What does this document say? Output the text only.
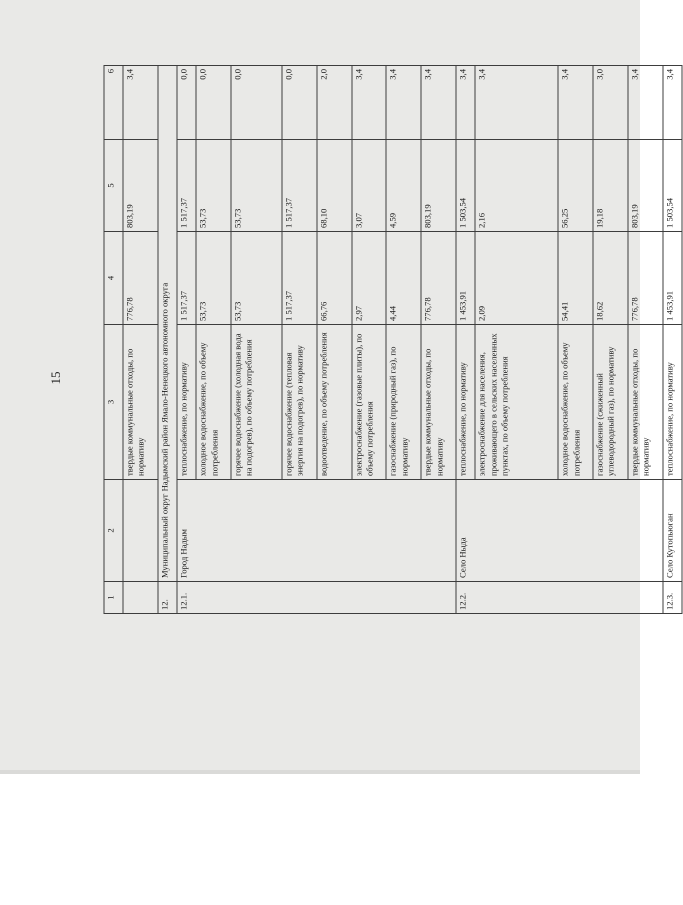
15
1	2	3	4	5	6
		твердые коммунальные отходы, по нормативу	776,78	803,19	3,4
12.	Муниципальный округ Надымский район Ямало-Ненецкого автономного округа				
12.1.	Город Надым	теплоснабжение, по нормативу	1 517,37	1 517,37	0,0
		холодное водоснабжение, по объему потребления	53,73	53,73	0,0
		горячее водоснабжение (холодная вода на подогрев), по объему потребления	53,73	53,73	0,0
		горячее водоснабжение (тепловая энергия на подогрев), по нормативу	1 517,37	1 517,37	0,0
		водоотведение, по объему потребления	66,76	68,10	2,0
		электроснабжение (газовые плиты), по объему потребления	2,97	3,07	3,4
		газоснабжение (природный газ), по нормативу	4,44	4,59	3,4
		твердые коммунальные отходы, по нормативу	776,78	803,19	3,4
12.2.	Село Ныда	теплоснабжение, по нормативу	1 453,91	1 503,54	3,4
		электроснабжение для населения, проживающего в сельских населенных пунктах, по объему потребления	2,09	2,16	3,4
		холодное водоснабжение, по объему потребления	54,41	56,25	3,4
		газоснабжение (сжиженный углеводородный газ), по нормативу	18,62	19,18	3,0
		твердые коммунальные отходы, по нормативу	776,78	803,19	3,4
12.3.	Село Кутопьюган	теплоснабжение, по нормативу	1 453,91	1 503,54	3,4
